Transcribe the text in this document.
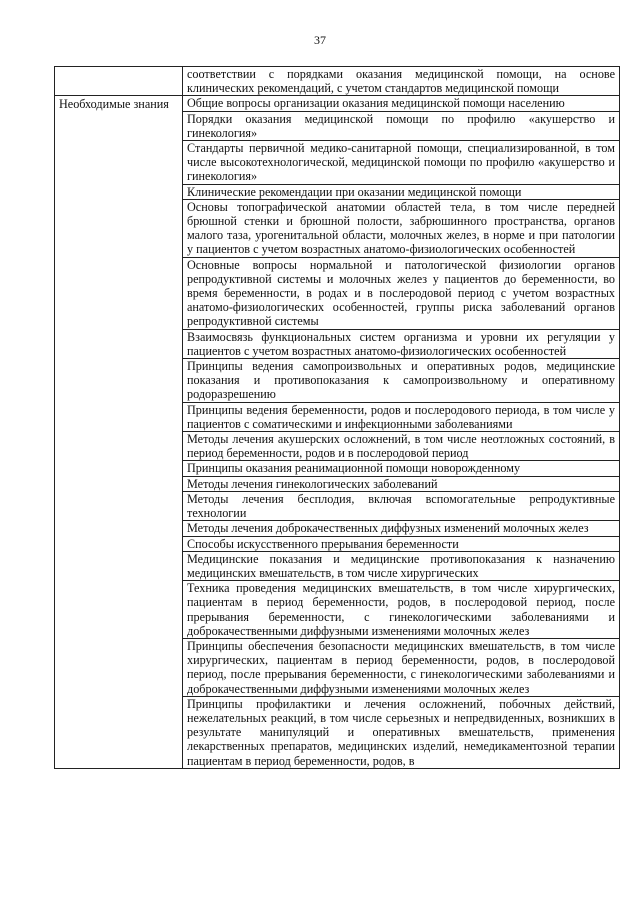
37
	соответствии с порядками оказания медицинской помощи, на основе клинических рекомендаций, с учетом стандартов медицинской помощи

Необходимые знания	Общие вопросы организации оказания медицинской помощи населению
	Порядки оказания медицинской помощи по профилю «акушерство и гинекология»
	Стандарты первичной медико-санитарной помощи, специализированной, в том числе высокотехнологической, медицинской помощи по профилю «акушерство и гинекология»
	Клинические рекомендации при оказании медицинской помощи
	Основы топографической анатомии областей тела, в том числе передней брюшной стенки и брюшной полости, забрюшинного пространства, органов малого таза, урогенитальной области, молочных желез, в норме и при патологии у пациентов с учетом возрастных анатомо-физиологических особенностей
	Основные вопросы нормальной и патологической физиологии органов репродуктивной системы и молочных желез у пациентов до беременности, во время беременности, в родах и в послеродовой период с учетом возрастных анатомо-физиологических особенностей, группы риска заболеваний органов репродуктивной системы
	Взаимосвязь функциональных систем организма и уровни их регуляции у пациентов с учетом возрастных анатомо-физиологических особенностей
	Принципы ведения самопроизвольных и оперативных родов, медицинские показания и противопоказания к самопроизвольному и оперативному родоразрешению
	Принципы ведения беременности, родов и послеродового периода, в том числе у пациентов с соматическими и инфекционными заболеваниями
	Методы лечения акушерских осложнений, в том числе неотложных состояний, в период беременности, родов и в послеродовой период
	Принципы оказания реанимационной помощи новорожденному
	Методы лечения гинекологических заболеваний
	Методы лечения бесплодия, включая вспомогательные репродуктивные технологии
	Методы лечения доброкачественных диффузных изменений молочных желез
	Способы искусственного прерывания беременности
	Медицинские показания и медицинские противопоказания к назначению медицинских вмешательств, в том числе хирургических
	Техника проведения медицинских вмешательств, в том числе хирургических, пациентам в период беременности, родов, в послеродовой период, после прерывания беременности, с гинекологическими заболеваниями и доброкачественными диффузными изменениями молочных желез
	Принципы обеспечения безопасности медицинских вмешательств, в том числе хирургических, пациентам в период беременности, родов, в послеродовой период, после прерывания беременности, с гинекологическими заболеваниями и доброкачественными диффузными изменениями молочных желез
	Принципы профилактики и лечения осложнений, побочных действий, нежелательных реакций, в том числе серьезных и непредвиденных, возникших в результате манипуляций и оперативных вмешательств, применения лекарственных препаратов, медицинских изделий, немедикаментозной терапии пациентам в период беременности, родов, в
